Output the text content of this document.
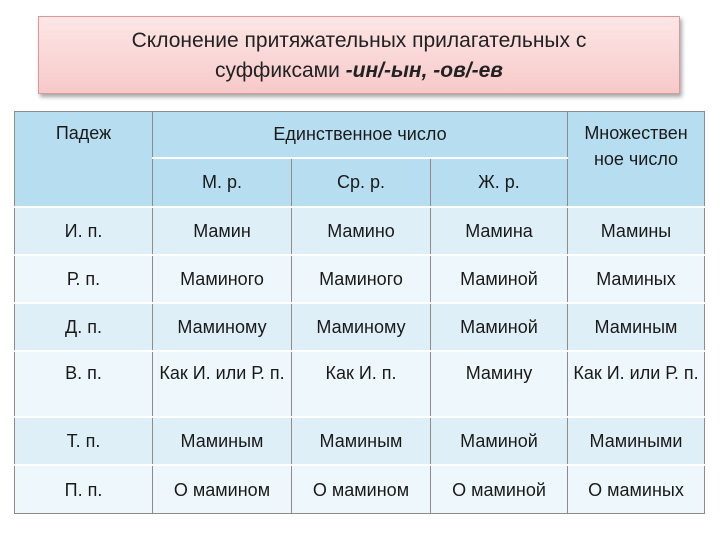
Склонение притяжательных прилагательных с
суффиксами -ин/-ын, -ов/-ев
Падеж	Единственное число			Множествен ное число
	М. р.	Ср. р.	Ж. р.	
И. п.	Мамин	Мамино	Мамина	Мамины
Р. п.	Маминого	Маминого	Маминой	Маминых
Д. п.	Маминому	Маминому	Маминой	Маминым
В. п.	Как И. или Р. п.	Как И. п.	Мамину	Как И. или Р. п.
Т. п.	Маминым	Маминым	Маминой	Мамиными
П. п.	О мамином	О мамином	О маминой	О маминых
